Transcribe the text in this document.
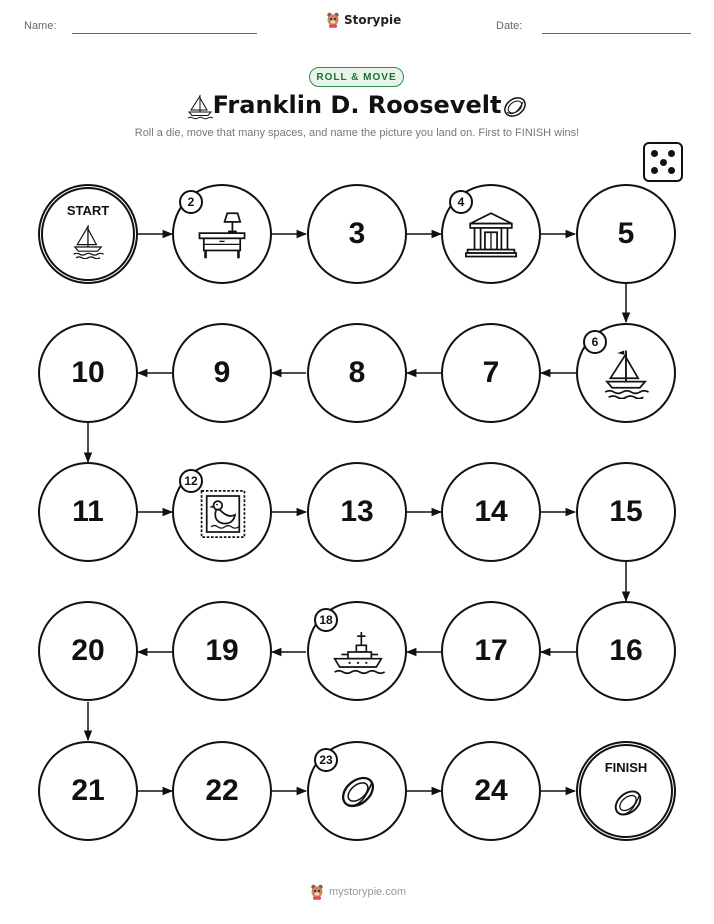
Name:	Storypie	Date:
ROLL & MOVE
Franklin D. Roosevelt
Roll a die, move that many spaces, and name the picture you land on. First to FINISH wins!
START
2
3
4
5
10	9	8	7
6
11
12
13	14	15
20	19
18
17	16
21	22
23
24
FINISH
mystorypie.com
